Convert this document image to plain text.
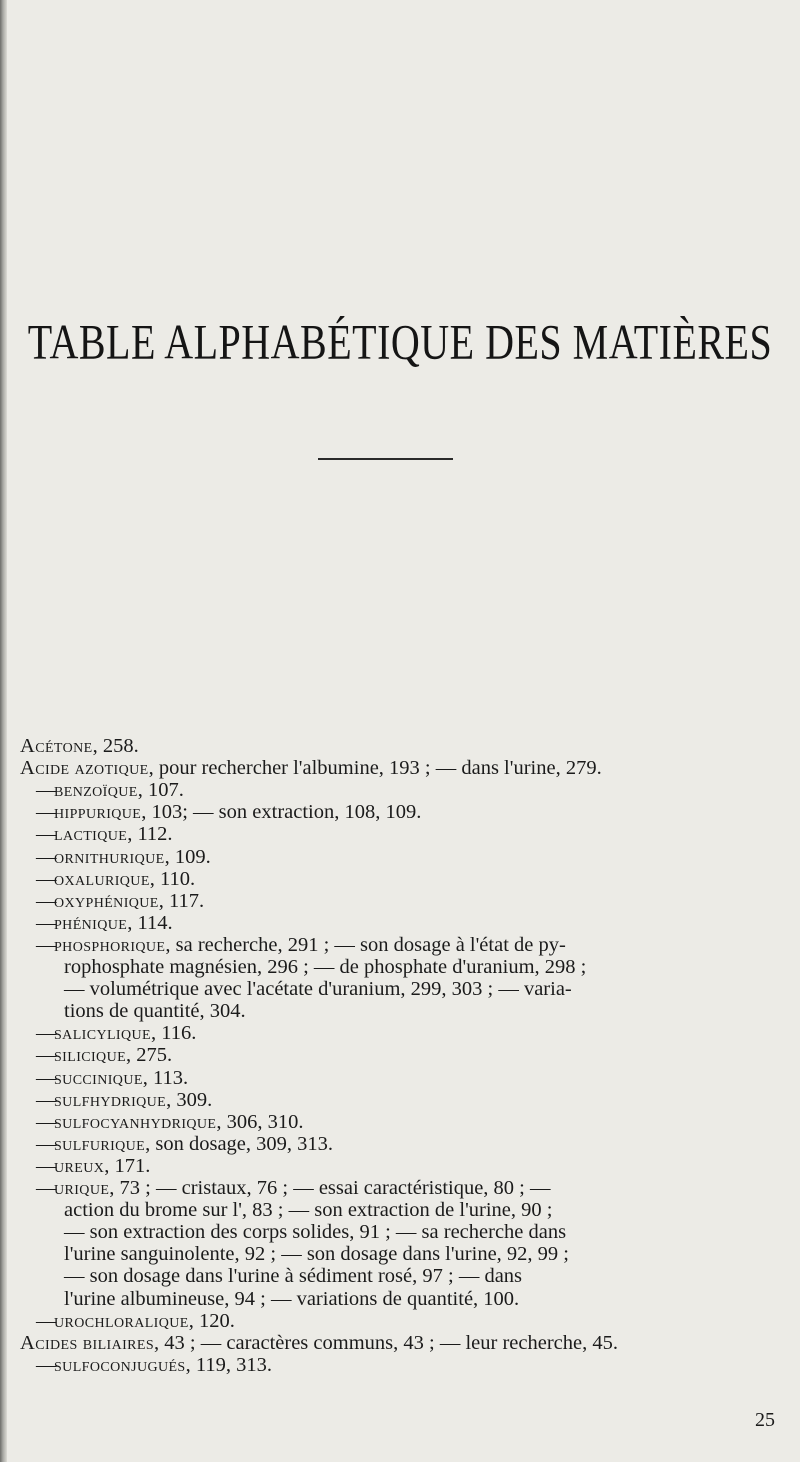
TABLE ALPHABÉTIQUE DES MATIÈRES
Acétone, 258.
Acide azotique, pour rechercher l'albumine, 193 ; — dans l'urine, 279.
—benzoïque, 107.
—hippurique, 103; — son extraction, 108, 109.
—lactique, 112.
—ornithurique, 109.
—oxalurique, 110.
—oxyphénique, 117.
—phénique, 114.
—phosphorique, sa recherche, 291 ; — son dosage à l'état de py-
rophosphate magnésien, 296 ; — de phosphate d'uranium, 298 ;
— volumétrique avec l'acétate d'uranium, 299, 303 ; — varia-
tions de quantité, 304.
—salicylique, 116.
—silicique, 275.
—succinique, 113.
—sulfhydrique, 309.
—sulfocyanhydrique, 306, 310.
—sulfurique, son dosage, 309, 313.
—ureux, 171.
—urique, 73 ; — cristaux, 76 ; — essai caractéristique, 80 ; —
action du brome sur l', 83 ; — son extraction de l'urine, 90 ;
— son extraction des corps solides, 91 ; — sa recherche dans
l'urine sanguinolente, 92 ; — son dosage dans l'urine, 92, 99 ;
— son dosage dans l'urine à sédiment rosé, 97 ; — dans
l'urine albumineuse, 94 ; — variations de quantité, 100.
—urochloralique, 120.
Acides biliaires, 43 ; — caractères communs, 43 ; — leur recherche, 45.
—sulfoconjugués, 119, 313.
25
